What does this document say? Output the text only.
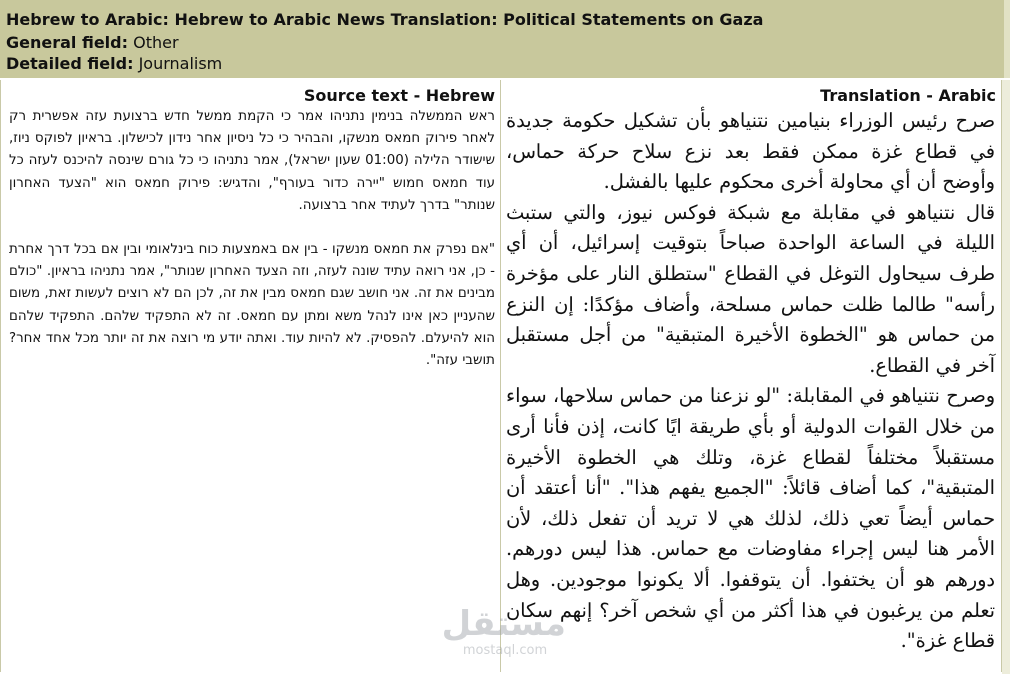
Hebrew to Arabic: Hebrew to Arabic News Translation: Political Statements on Gaza
General field: Other
Detailed field: Journalism
Source text - Hebrew

ראש הממשלה בנימין נתניהו אמר כי הקמת ממשל חדש ברצועת עזה אפשרית רק לאחר פירוק חמאס מנשקו, והבהיר כי כל ניסיון אחר נידון לכישלון. בראיון לפוקס ניוז, שישודר הלילה (01:00 שעון ישראל), אמר נתניהו כי כל גורם שינסה להיכנס לעזה כל עוד חמאס חמוש "יירה כדור בעורף", והדגיש: פירוק חמאס הוא "הצעד האחרון שנותר" בדרך לעתיד אחר ברצועה.

"אם נפרק את חמאס מנשקו - בין אם באמצעות כוח בינלאומי ובין אם בכל דרך אחרת - כן, אני רואה עתיד שונה לעזה, וזה הצעד האחרון שנותר", אמר נתניהו בראיון. "כולם מבינים את זה. אני חושב שגם חמאס מבין את זה, לכן הם לא רוצים לעשות זאת, משום שהעניין כאן אינו לנהל משא ומתן עם חמאס. זה לא התפקיד שלהם. התפקיד שלהם הוא להיעלם. להפסיק. לא להיות עוד. ואתה יודע מי רוצה את זה יותר מכל אחד אחר? תושבי עזה".

Translation - Arabic

صرح رئيس الوزراء بنيامين نتنياهو بأن تشكيل حكومة جديدة في قطاع غزة ممكن فقط بعد نزع سلاح حركة حماس، وأوضح أن أي محاولة أخرى محكوم عليها بالفشل.

قال نتنياهو في مقابلة مع شبكة فوكس نيوز، والتي ستبث الليلة في الساعة الواحدة صباحاً بتوقيت إسرائيل، أن أي طرف سيحاول التوغل في القطاع "ستطلق النار على مؤخرة رأسه" طالما ظلت حماس مسلحة، وأضاف مؤكدًا: إن النزع من حماس هو "الخطوة الأخيرة المتبقية" من أجل مستقبل آخر في القطاع.

وصرح نتنياهو في المقابلة: "لو نزعنا من حماس سلاحها، سواء من خلال القوات الدولية أو بأي طريقة ايًا كانت، إذن فأنا أرى مستقبلاً مختلفاً لقطاع غزة، وتلك هي الخطوة الأخيرة المتبقية"، كما أضاف قائلاً: "الجميع يفهم هذا". "أنا أعتقد أن حماس أيضاً تعي ذلك، لذلك هي لا تريد أن تفعل ذلك، لأن الأمر هنا ليس إجراء مفاوضات مع حماس. هذا ليس دورهم. دورهم هو أن يختفوا. أن يتوقفوا. ألا يكونوا موجودين. وهل تعلم من يرغبون في هذا أكثر من أي شخص آخر؟ إنهم سكان قطاع غزة".

مستقل
mostaql.com
